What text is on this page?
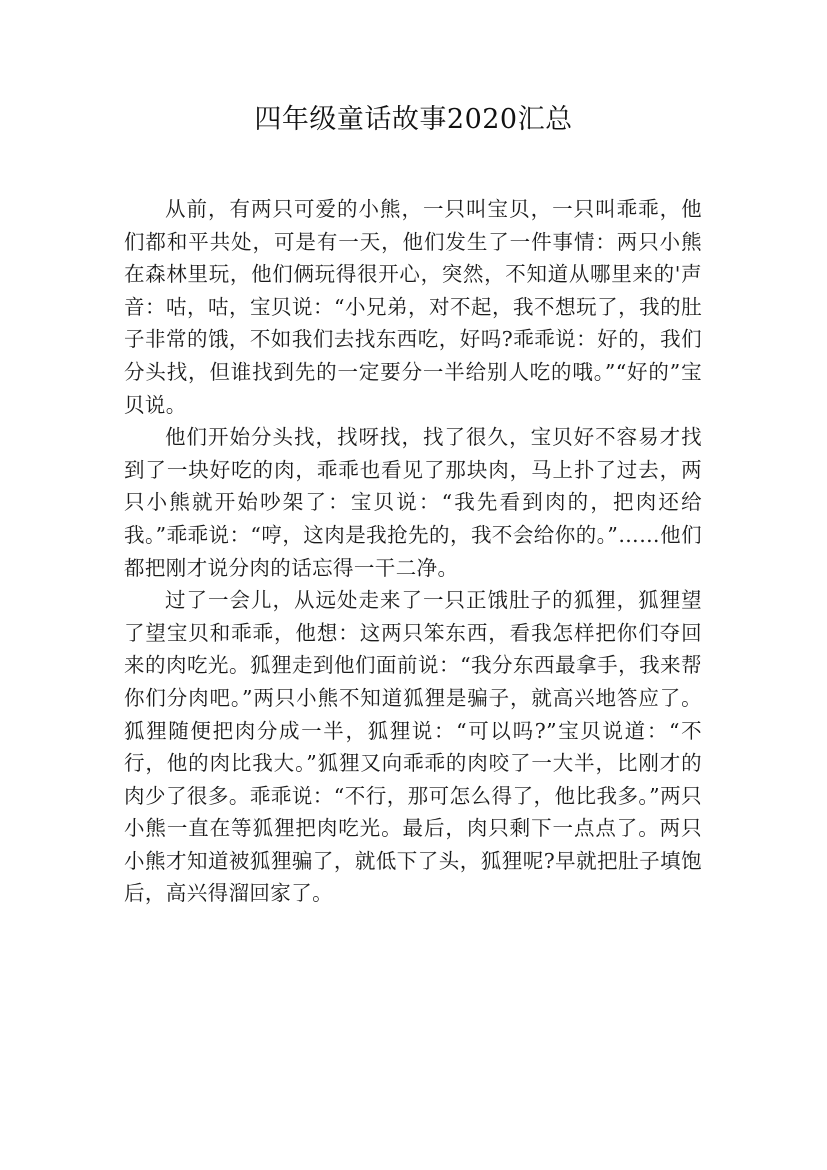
四年级童话故事2020汇总

从前，有两只可爱的小熊，一只叫宝贝，一只叫乖乖，他们都和平共处，可是有一天，他们发生了一件事情：两只小熊在森林里玩，他们俩玩得很开心，突然，不知道从哪里来的'声音：咕，咕，宝贝说：“小兄弟，对不起，我不想玩了，我的肚子非常的饿，不如我们去找东西吃，好吗?乖乖说：好的，我们分头找，但谁找到先的一定要分一半给别人吃的哦。”“好的”宝贝说。

他们开始分头找，找呀找，找了很久，宝贝好不容易才找到了一块好吃的肉，乖乖也看见了那块肉，马上扑了过去，两只小熊就开始吵架了：宝贝说：“我先看到肉的，把肉还给我。”乖乖说：“哼，这肉是我抢先的，我不会给你的。”……他们都把刚才说分肉的话忘得一干二净。

过了一会儿，从远处走来了一只正饿肚子的狐狸，狐狸望了望宝贝和乖乖，他想：这两只笨东西，看我怎样把你们夺回来的肉吃光。狐狸走到他们面前说：“我分东西最拿手，我来帮你们分肉吧。”两只小熊不知道狐狸是骗子，就高兴地答应了。狐狸随便把肉分成一半，狐狸说：“可以吗?”宝贝说道：“不行，他的肉比我大。”狐狸又向乖乖的肉咬了一大半，比刚才的肉少了很多。乖乖说：“不行，那可怎么得了，他比我多。”两只小熊一直在等狐狸把肉吃光。最后，肉只剩下一点点了。两只小熊才知道被狐狸骗了，就低下了头，狐狸呢?早就把肚子填饱后，高兴得溜回家了。
